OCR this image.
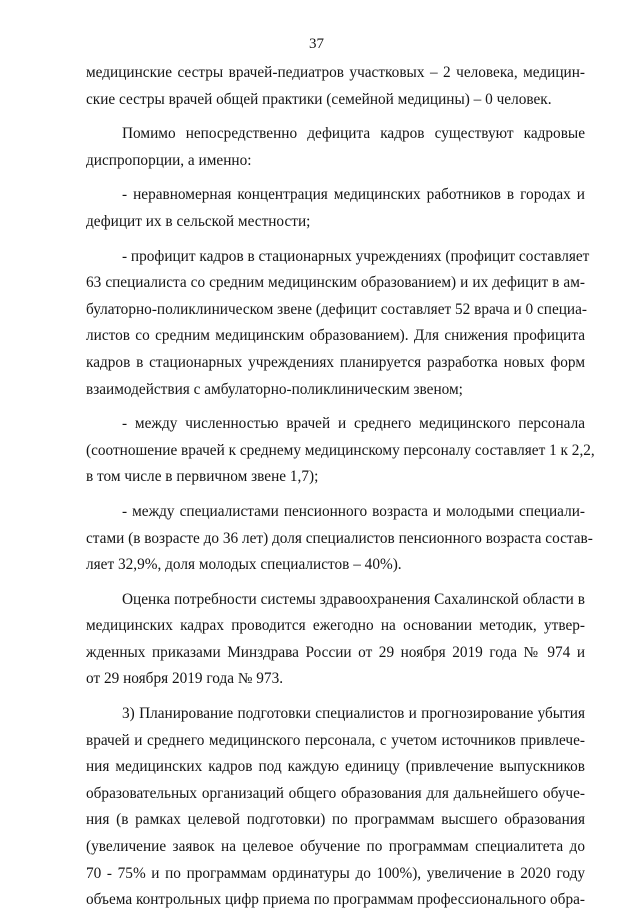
37
медицинские сестры врачей-педиатров участковых – 2 человека, медицин-
ские сестры врачей общей практики (семейной медицины) – 0 человек.
Помимо непосредственно дефицита кадров существуют кадровые
диспропорции, а именно:
- неравномерная концентрация медицинских работников в городах и
дефицит их в сельской местности;
- профицит кадров в стационарных учреждениях (профицит составляет
63 специалиста со средним медицинским образованием) и их дефицит в ам-
булаторно-поликлиническом звене (дефицит составляет 52 врача и 0 специа-
листов со средним медицинским образованием). Для снижения профицита
кадров в стационарных учреждениях планируется разработка новых форм
взаимодействия с амбулаторно-поликлиническим звеном;
- между численностью врачей и среднего медицинского персонала
(соотношение врачей к среднему медицинскому персоналу составляет 1 к 2,2,
в том числе в первичном звене 1,7);
- между специалистами пенсионного возраста и молодыми специали-
стами (в возрасте до 36 лет) доля специалистов пенсионного возраста состав-
ляет 32,9%, доля молодых специалистов – 40%).
Оценка потребности системы здравоохранения Сахалинской области в
медицинских кадрах проводится ежегодно на основании методик, утвер-
жденных приказами Минздрава России от 29 ноября 2019 года № 974 и
от 29 ноября 2019 года № 973.
3) Планирование подготовки специалистов и прогнозирование убытия
врачей и среднего медицинского персонала, с учетом источников привлече-
ния медицинских кадров под каждую единицу (привлечение выпускников
образовательных организаций общего образования для дальнейшего обуче-
ния (в рамках целевой подготовки) по программам высшего образования
(увеличение заявок на целевое обучение по программам специалитета до
70 - 75% и по программам ординатуры до 100%), увеличение в 2020 году
объема контрольных цифр приема по программам профессионального обра-
